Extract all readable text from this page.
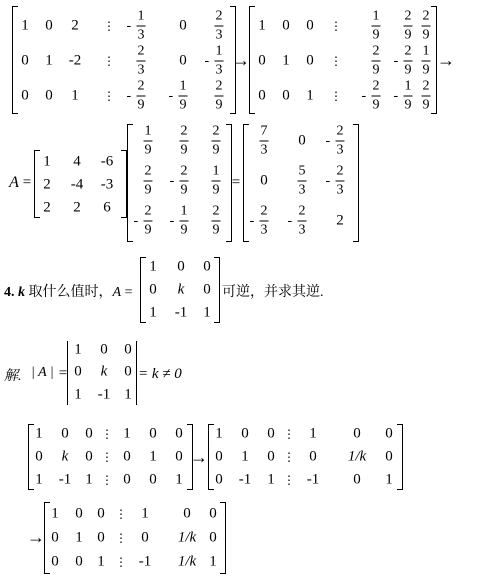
1 0 2 ⋮ -
1
3
$0 \frac{2}{3}$
0 1 -2 ⋮ $\frac{2}{3} 0$ -
1
3
0 0 1 ⋮ -
2
9
-
1
$9 \frac{2}{9}$
→
1 0 0 ⋮ $\frac{1}{9} \frac{2}{9} \frac{2}{9}$
0 1 0 ⋮ $\frac{2}{9}$ -
2
$9 \frac{1}{9}$
0 0 1 ⋮ -
2
9
-
1
$9 \frac{2}{9}$
→
A =
1 4 -6
2 -4 -3
2 2 6
$\frac{1}{9} \frac{2}{9} \frac{2}{9}$
$\frac{2}{9}$ -
2
$9 \frac{1}{9}$
-
2
9
-
1
$9 \frac{2}{9}$
=
$\frac{7}{3} 0$ -
2
3
$0 \frac{5}{3}$ -
2
3
-
2
3
-
2
3
2
4. k 取什么值时，A =
1 0 0
0 k 0
1 -1 1
可逆，并求其逆.
解. | A | =
1 0 0
0 k 0
1 -1 1
= k ≠ 0
1 0 0 ⋮ 1 0 0
0 k 0 ⋮ 0 1 0
1 -1 1 ⋮ 0 0 1
→
1 0 0 ⋮ 1 0 0
0 1 0 ⋮ 0 1/k 0
0 -1 1 ⋮ -1 0 1
→
1 0 0 ⋮ 1 0 0
0 1 0 ⋮ 0 1/k 0
0 0 1 ⋮ -1 1/k 1
